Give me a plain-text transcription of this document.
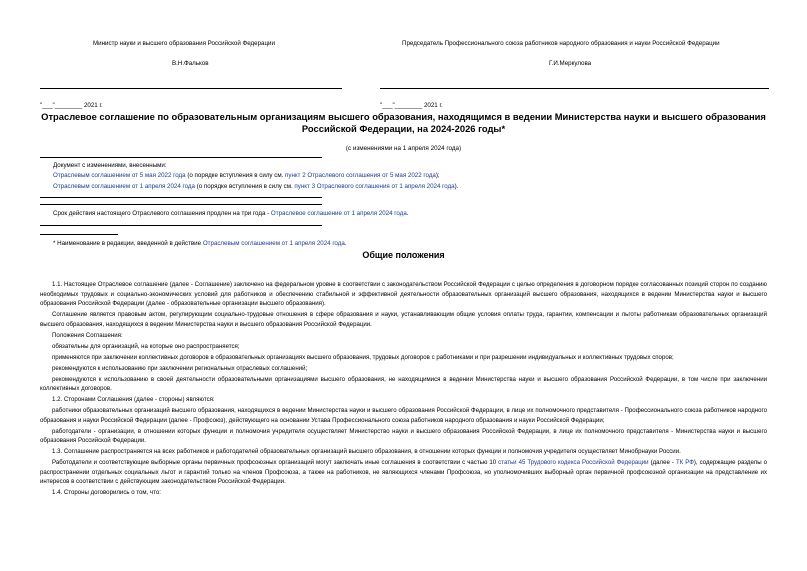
Министр науки и высшего образования Российской Федерации
В.Н.Фальков
"___"________ 2021 г.
Председатель Профессионального союза работников народного образования и науки Российской Федерации
Г.И.Меркулова
"___"________ 2021 г.
Отраслевое соглашение по образовательным организациям высшего образования, находящимся в ведении Министерства науки и высшего образования Российской Федерации, на 2024-2026 годы*
(с изменениями на 1 апреля 2024 года)
Документ с изменениями, внесенными:
Отраслевым соглашением от 5 мая 2022 года (о порядке вступления в силу см. пункт 2 Отраслевого соглашения от 5 мая 2022 года);
Отраслевым соглашением от 1 апреля 2024 года (о порядке вступления в силу см. пункт 3 Отраслевого соглашения от 1 апреля 2024 года).
Срок действия настоящего Отраслевого соглашения продлен на три года - Отраслевое соглашение от 1 апреля 2024 года.
* Наименование в редакции, введенной в действие Отраслевым соглашением от 1 апреля 2024 года.
Общие положения

1.1. Настоящее Отраслевое соглашение (далее - Соглашение) заключено на федеральном уровне в соответствии с законодательством Российской Федерации с целью определения в договорном порядке согласованных позиций сторон по созданию необходимых трудовых и социально-экономических условий для работников и обеспечению стабильной и эффективной деятельности образовательных организаций высшего образования, находящихся в ведении Министерства науки и высшего образования Российской Федерации (далее - образовательные организации высшего образования).

Соглашение является правовым актом, регулирующим социально-трудовые отношения в сфере образования и науки, устанавливающим общие условия оплаты труда, гарантии, компенсации и льготы работникам образовательных организаций высшего образования, находящихся в ведении Министерства науки и высшего образования Российской Федерации.

Положения Соглашения:

обязательны для организаций, на которые оно распространяется;

применяются при заключении коллективных договоров в образовательных организациях высшего образования, трудовых договоров с работниками и при разрешении индивидуальных и коллективных трудовых споров;

рекомендуются к использованию при заключении региональных отраслевых соглашений;

рекомендуются к использованию в своей деятельности образовательными организациями высшего образования, не находящимися в ведении Министерства науки и высшего образования Российской Федерации, в том числе при заключении коллективных договоров.

1.2. Сторонами Соглашения (далее - стороны) являются:

работники образовательных организаций высшего образования, находящихся в ведении Министерства науки и высшего образования Российской Федерации, в лице их полномочного представителя - Профессионального союза работников народного образования и науки Российской Федерации (далее - Профсоюз), действующего на основании Устава Профессионального союза работников народного образования и науки Российской Федерации;

работодатели - организации, в отношении которых функции и полномочия учредителя осуществляет Министерство науки и высшего образования Российской Федерации, в лице их полномочного представителя - Министерства науки и высшего образования Российской Федерации.

1.3. Соглашение распространяется на всех работников и работодателей образовательных организаций высшего образования, в отношении которых функции и полномочия учредителя осуществляет Минобрнауки России.

Работодатели и соответствующие выборные органы первичных профсоюзных организаций могут заключать иные соглашения в соответствии с частью 10 статьи 45 Трудового кодекса Российской Федерации (далее - ТК РФ), содержащие разделы о распространении отдельных социальных льгот и гарантий только на членов Профсоюза, а также на работников, не являющихся членами Профсоюза, но уполномочивших выборный орган первичной профсоюзной организации на представление их интересов в соответствии с действующим законодательством Российской Федерации.

1.4. Стороны договорились о том, что:
